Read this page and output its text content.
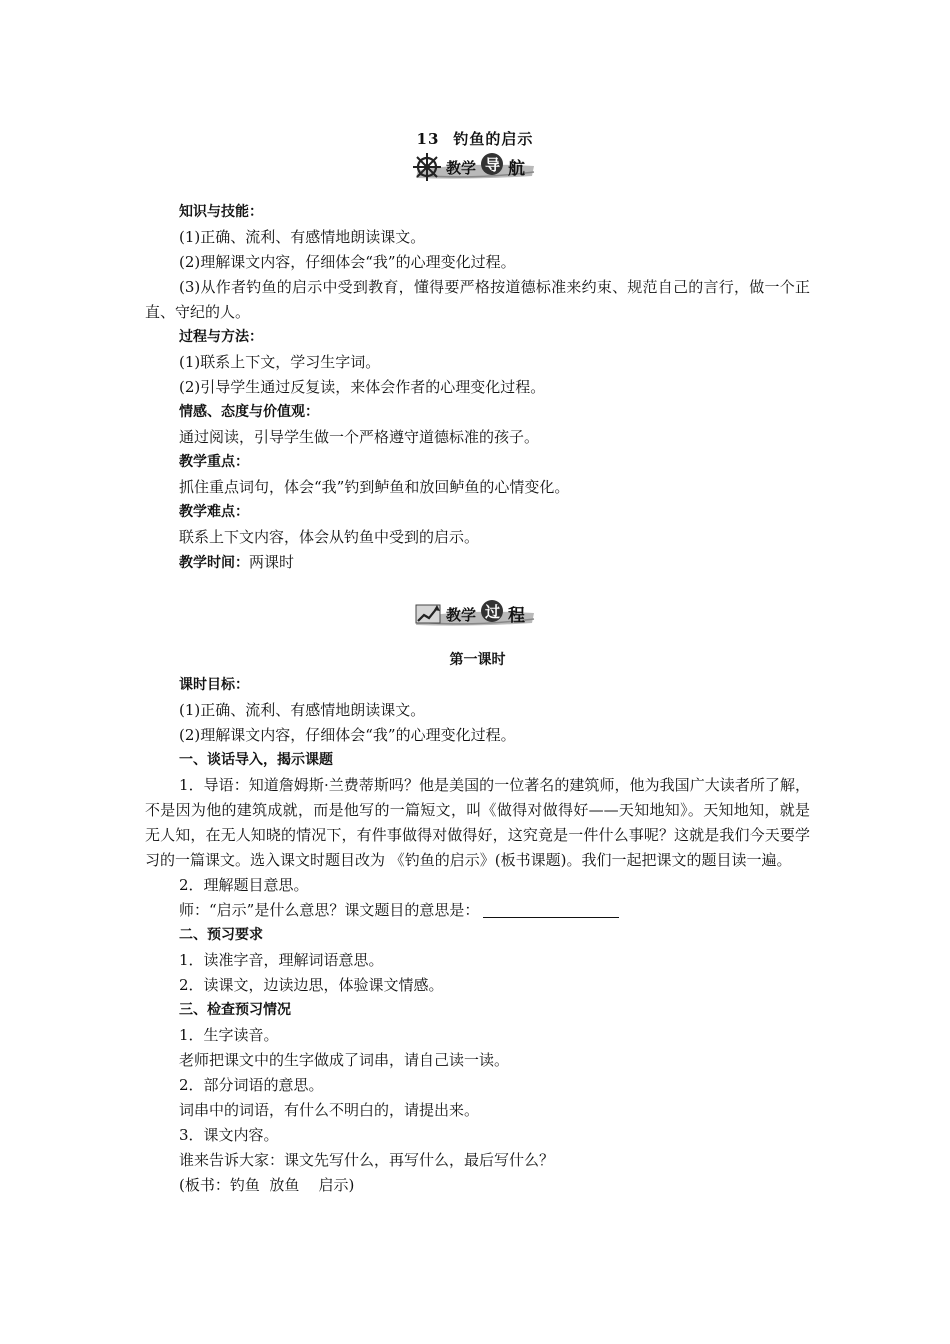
13 钓鱼的启示
教学 导 航

知识与技能：

(1)正确、流利、有感情地朗读课文。

(2)理解课文内容，仔细体会“我”的心理变化过程。

(3)从作者钓鱼的启示中受到教育，懂得要严格按道德标准来约束、规范自己的言行，做一个正直、守纪的人。

过程与方法：

(1)联系上下文，学习生字词。

(2)引导学生通过反复读，来体会作者的心理变化过程。

情感、态度与价值观：

通过阅读，引导学生做一个严格遵守道德标准的孩子。

教学重点：

抓住重点词句，体会“我”钓到鲈鱼和放回鲈鱼的心情变化。

教学难点：

联系上下文内容，体会从钓鱼中受到的启示。

教学时间：两课时

教学 过 程

第一课时

课时目标：

(1)正确、流利、有感情地朗读课文。

(2)理解课文内容，仔细体会“我”的心理变化过程。

一、谈话导入，揭示课题

1．导语：知道詹姆斯·兰费蒂斯吗？他是美国的一位著名的建筑师，他为我国广大读者所了解，不是因为他的建筑成就，而是他写的一篇短文，叫《做得对做得好——天知地知》。天知地知，就是无人知，在无人知晓的情况下，有件事做得对做得好，这究竟是一件什么事呢？这就是我们今天要学习的一篇课文。选入课文时题目改为 《钓鱼的启示》(板书课题)。我们一起把课文的题目读一遍。

2．理解题目意思。

师：“启示”是什么意思？课文题目的意思是：

二、预习要求

1．读准字音，理解词语意思。

2．读课文，边读边思，体验课文情感。

三、检查预习情况

1．生字读音。

老师把课文中的生字做成了词串，请自己读一读。

2．部分词语的意思。

词串中的词语，有什么不明白的，请提出来。

3．课文内容。

谁来告诉大家：课文先写什么，再写什么，最后写什么？

(板书：钓鱼  放鱼    启示)
